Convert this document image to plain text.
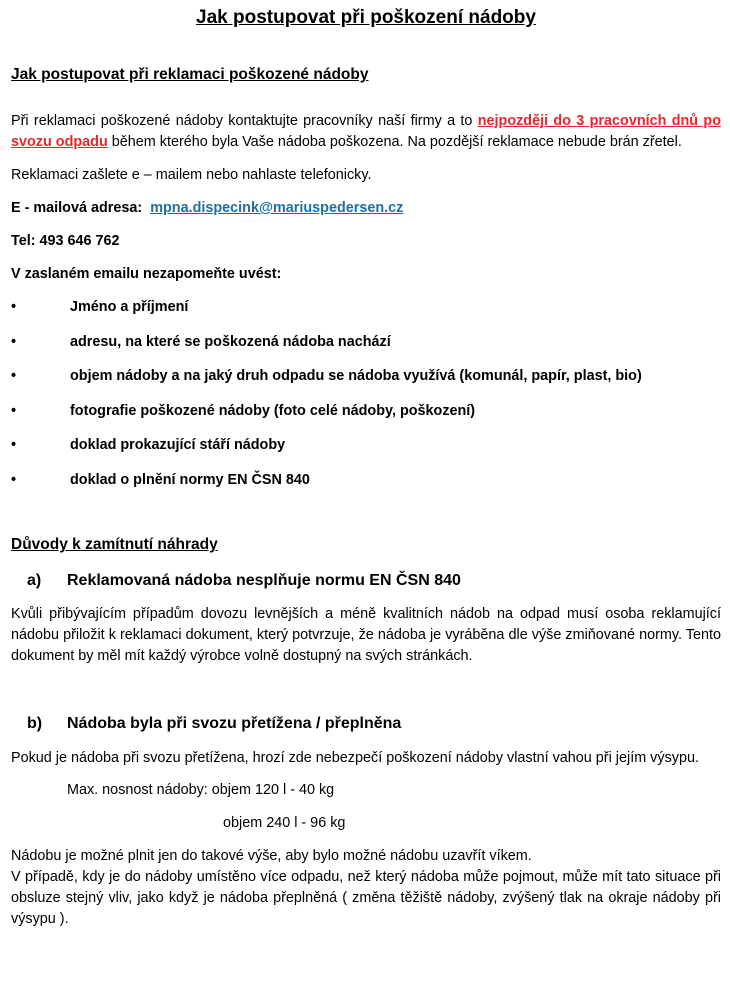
Jak postupovat při poškození nádoby
Jak postupovat při reklamaci poškozené nádoby

Při reklamaci poškozené nádoby kontaktujte pracovníky naší firmy a to nejpozději do 3 pracovních dnů po svozu odpadu během kterého byla Vaše nádoba poškozena. Na pozdější reklamace nebude brán zřetel.

Reklamaci zašlete e – mailem nebo nahlaste telefonicky.

E - mailová adresa: mpna.dispecink@mariuspedersen.cz

Tel: 493 646 762

V zaslaném emailu nezapomeňte uvést:

•	Jméno a příjmení
•	adresu, na které se poškozená nádoba nachází
•	objem nádoby a na jaký druh odpadu se nádoba využívá (komunál, papír, plast, bio)
•	fotografie poškozené nádoby (foto celé nádoby, poškození)
•	doklad prokazující stáří nádoby
•	doklad o plnění normy EN ČSN 840
Důvody k zamítnutí náhrady

a) Reklamovaná nádoba nesplňuje normu EN ČSN 840

Kvůli přibývajícím případům dovozu levnějších a méně kvalitních nádob na odpad musí osoba reklamující nádobu přiložit k reklamaci dokument, který potvrzuje, že nádoba je vyráběna dle výše zmiňované normy. Tento dokument by měl mít každý výrobce volně dostupný na svých stránkách.

b) Nádoba byla při svozu přetížena / přeplněna

Pokud je nádoba při svozu přetížena, hrozí zde nebezpečí poškození nádoby vlastní vahou při jejím výsypu.

Max. nosnost nádoby: objem 120 l - 40 kg

objem 240 l - 96 kg

Nádobu je možné plnit jen do takové výše, aby bylo možné nádobu uzavřít víkem.

V případě, kdy je do nádoby umístěno více odpadu, než který nádoba může pojmout, může mít tato situace při obsluze stejný vliv, jako když je nádoba přeplněná ( změna těžiště nádoby, zvýšený tlak na okraje nádoby při výsypu ).
